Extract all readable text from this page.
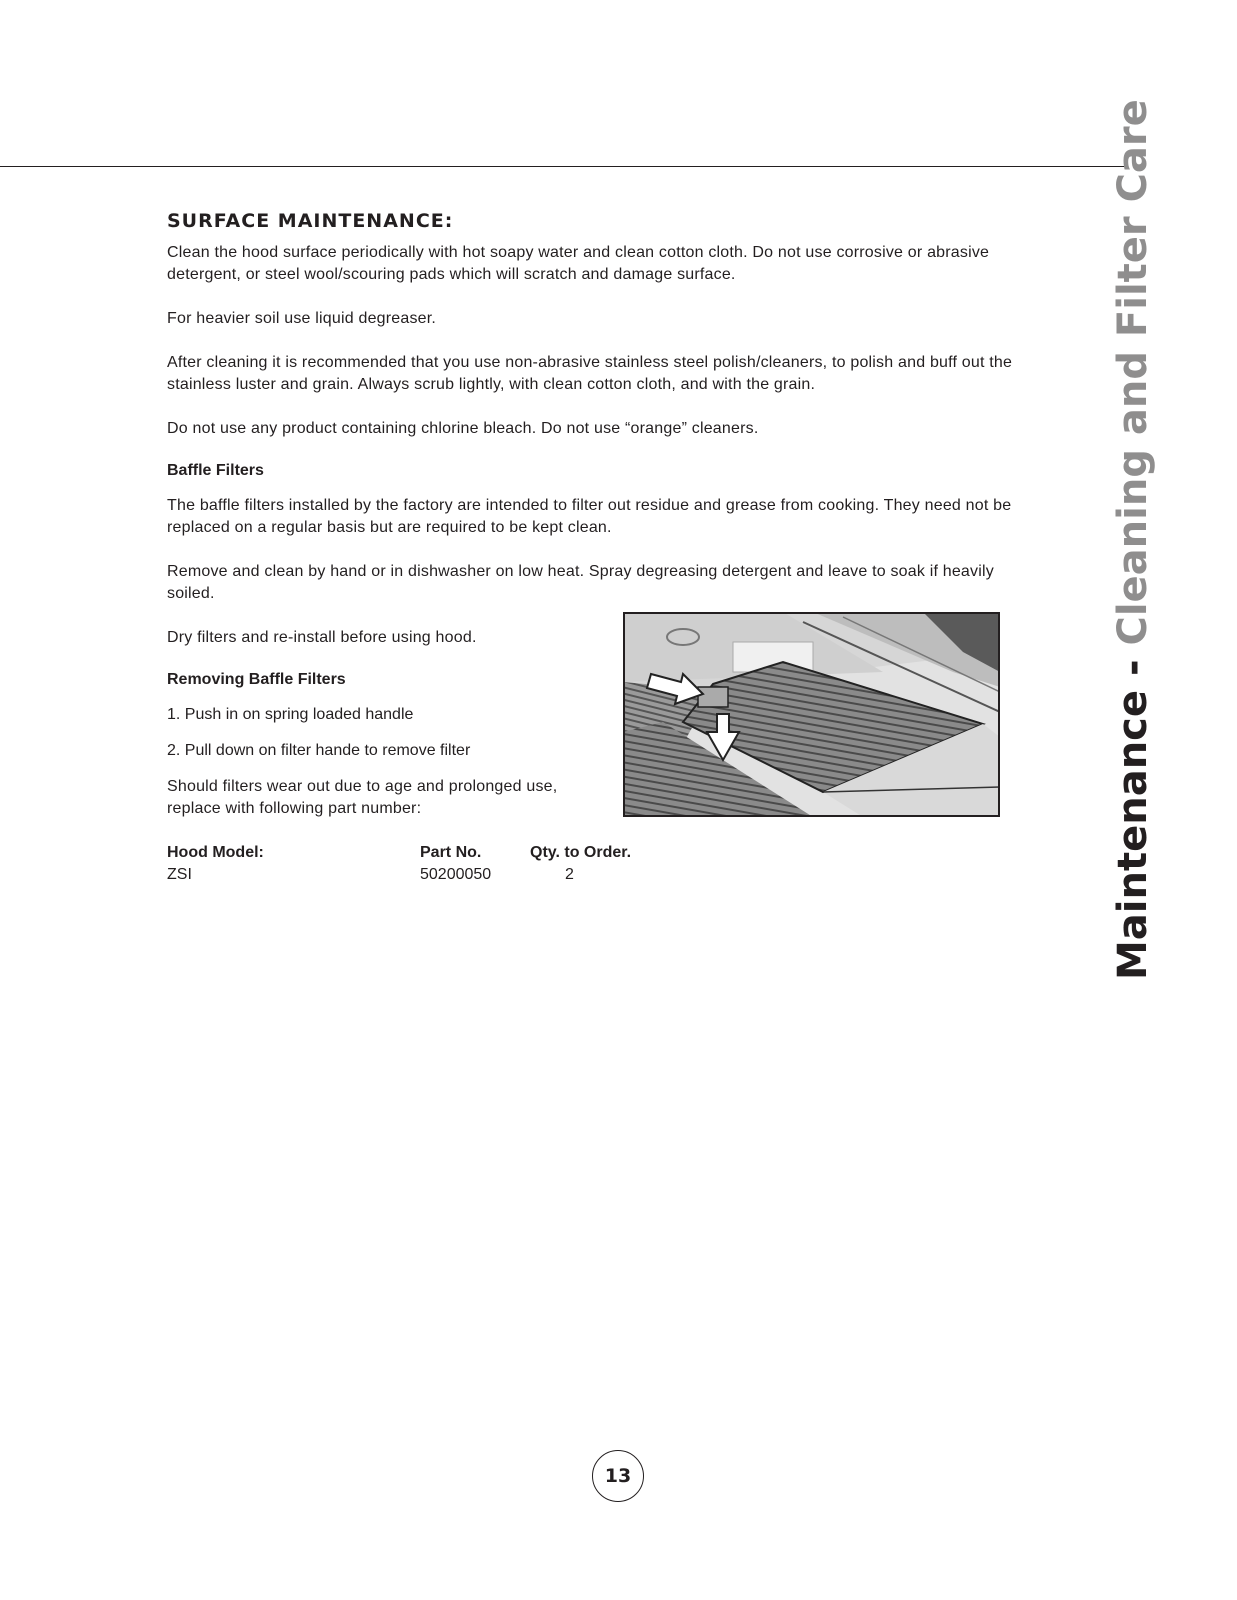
SURFACE MAINTENANCE:

Clean the hood surface periodically with hot soapy water and clean cotton cloth. Do not use corrosive or abrasive detergent, or steel wool/scouring pads which will scratch and damage surface.

For heavier soil use liquid degreaser.

After cleaning it is recommended that you use non-abrasive stainless steel polish/cleaners, to polish and buff out the stainless luster and grain. Always scrub lightly, with clean cotton cloth, and with the grain.

Do not use any product containing chlorine bleach. Do not use “orange” cleaners.

Baffle Filters

The baffle filters installed by the factory are intended to filter out residue and grease from cooking. They need not be replaced on a regular basis but are required to be kept clean.

Remove and clean by hand or in dishwasher on low heat. Spray degreasing detergent and leave to soak if heavily soiled.

Dry filters and re-install before using hood.

Removing Baffle Filters

1. Push in on spring loaded handle

2. Pull down on filter hande to remove filter

Should filters wear out due to age and prolonged use, replace with following part number:

Hood Model:	Part No.	Qty. to Order.
ZSI	50200050	2	Maintenance - Cleaning and Filter Care
13
